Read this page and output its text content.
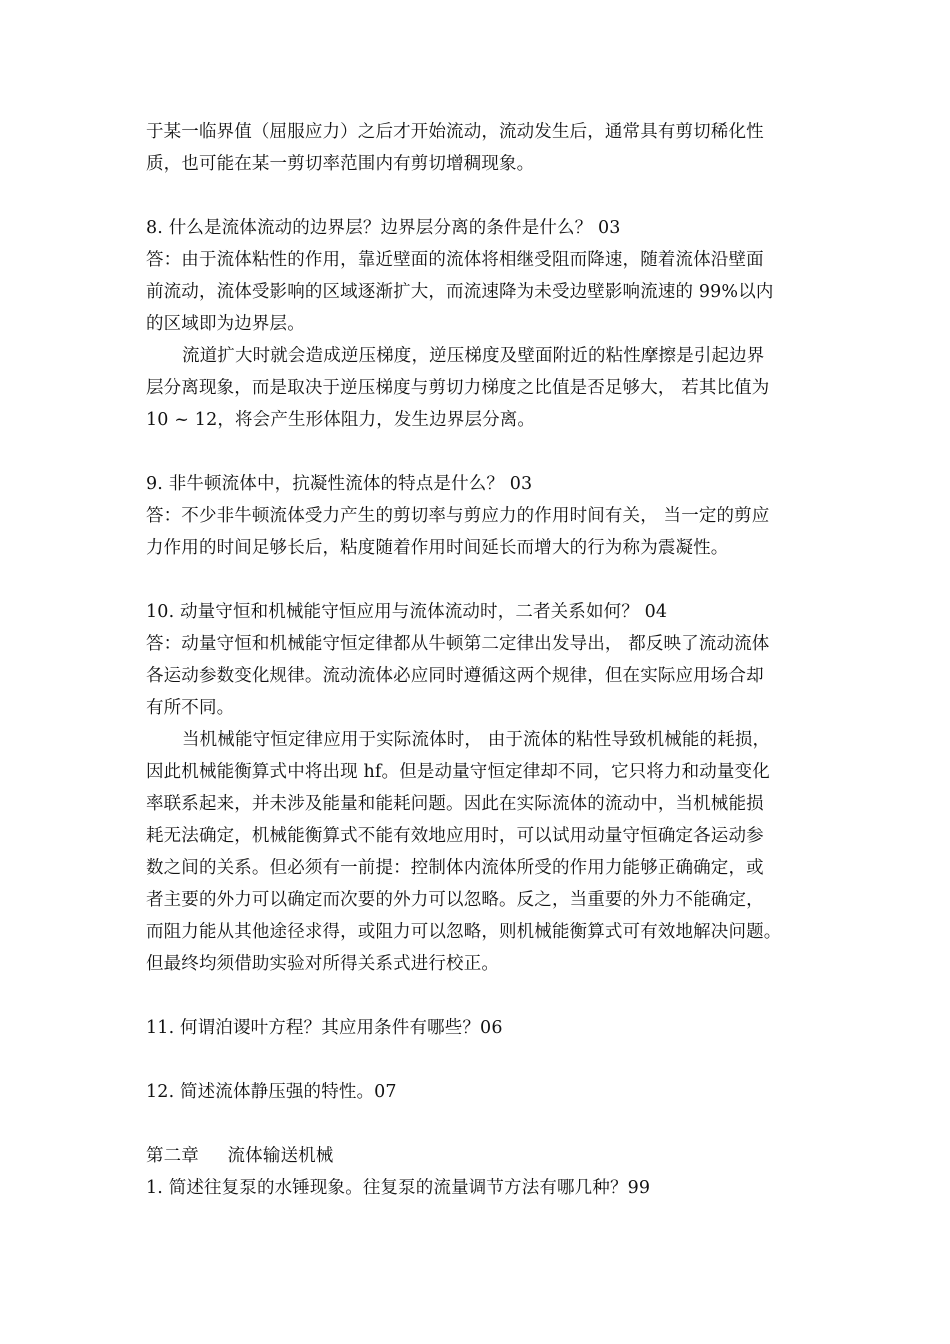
于某一临界值（屈服应力）之后才开始流动，流动发生后，通常具有剪切稀化性
质，也可能在某一剪切率范围内有剪切增稠现象。
8. 什么是流体流动的边界层？边界层分离的条件是什么？ 03
答：由于流体粘性的作用，靠近壁面的流体将相继受阻而降速，随着流体沿壁面
前流动，流体受影响的区域逐渐扩大，而流速降为未受边壁影响流速的 99%以内
的区域即为边界层。
流道扩大时就会造成逆压梯度，逆压梯度及壁面附近的粘性摩擦是引起边界
层分离现象，而是取决于逆压梯度与剪切力梯度之比值是否足够大， 若其比值为
10 ~ 12，将会产生形体阻力，发生边界层分离。
9. 非牛顿流体中，抗凝性流体的特点是什么？ 03
答：不少非牛顿流体受力产生的剪切率与剪应力的作用时间有关， 当一定的剪应
力作用的时间足够长后，粘度随着作用时间延长而增大的行为称为震凝性。
10. 动量守恒和机械能守恒应用与流体流动时，二者关系如何？ 04
答：动量守恒和机械能守恒定律都从牛顿第二定律出发导出， 都反映了流动流体
各运动参数变化规律。流动流体必应同时遵循这两个规律，但在实际应用场合却
有所不同。
当机械能守恒定律应用于实际流体时， 由于流体的粘性导致机械能的耗损，
因此机械能衡算式中将出现 hf。但是动量守恒定律却不同，它只将力和动量变化
率联系起来，并未涉及能量和能耗问题。因此在实际流体的流动中，当机械能损
耗无法确定，机械能衡算式不能有效地应用时，可以试用动量守恒确定各运动参
数之间的关系。但必须有一前提：控制体内流体所受的作用力能够正确确定，或
者主要的外力可以确定而次要的外力可以忽略。反之，当重要的外力不能确定，
而阻力能从其他途径求得，或阻力可以忽略，则机械能衡算式可有效地解决问题。
但最终均须借助实验对所得关系式进行校正。
11. 何谓泊谡叶方程？其应用条件有哪些？06
12. 简述流体静压强的特性。07
第二章     流体输送机械
1. 简述往复泵的水锤现象。往复泵的流量调节方法有哪几种？99
